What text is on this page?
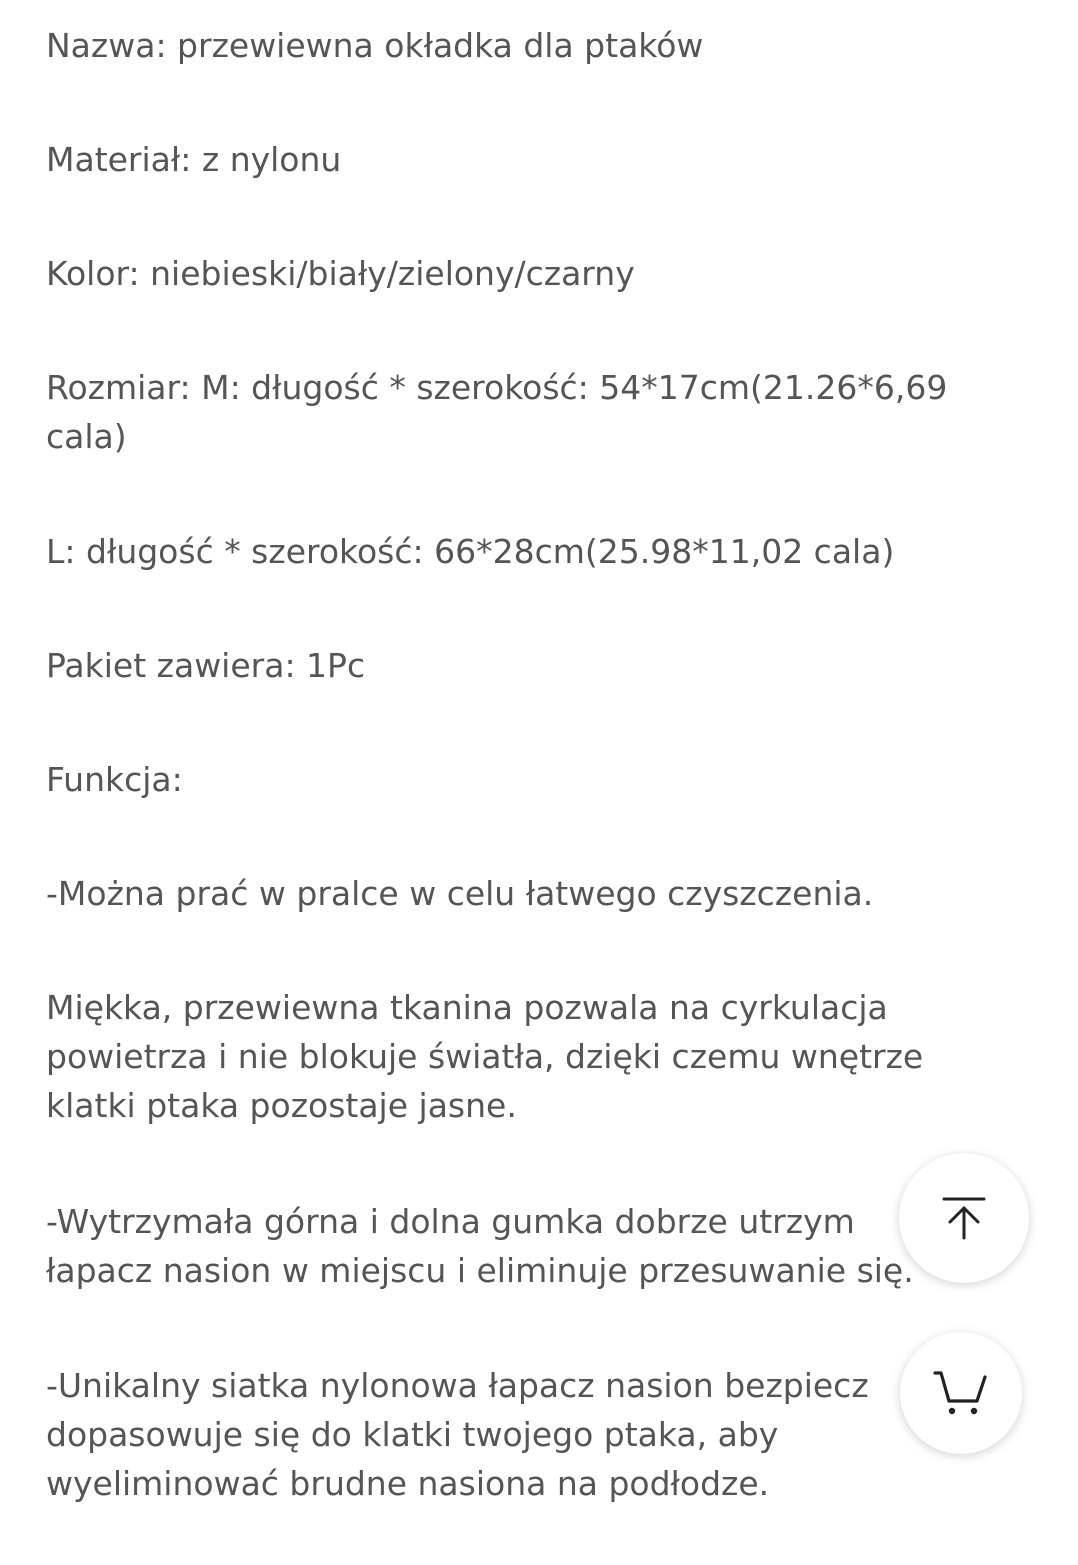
Nazwa: przewiewna okładka dla ptaków

Materiał: z nylonu

Kolor: niebieski/biały/zielony/czarny

Rozmiar: M: długość * szerokość: 54*17cm(21.26*6,69
cala)

L: długość * szerokość: 66*28cm(25.98*11,02 cala)

Pakiet zawiera: 1Pc

Funkcja:

-Można prać w pralce w celu łatwego czyszczenia.

Miękka, przewiewna tkanina pozwala na cyrkulacja
powietrza i nie blokuje światła, dzięki czemu wnętrze
klatki ptaka pozostaje jasne.

-Wytrzymała górna i dolna gumka dobrze utrzym
łapacz nasion w miejscu i eliminuje przesuwanie się.

-Unikalny siatka nylonowa łapacz nasion bezpiecz
dopasowuje się do klatki twojego ptaka, aby
wyeliminować brudne nasiona na podłodze.
